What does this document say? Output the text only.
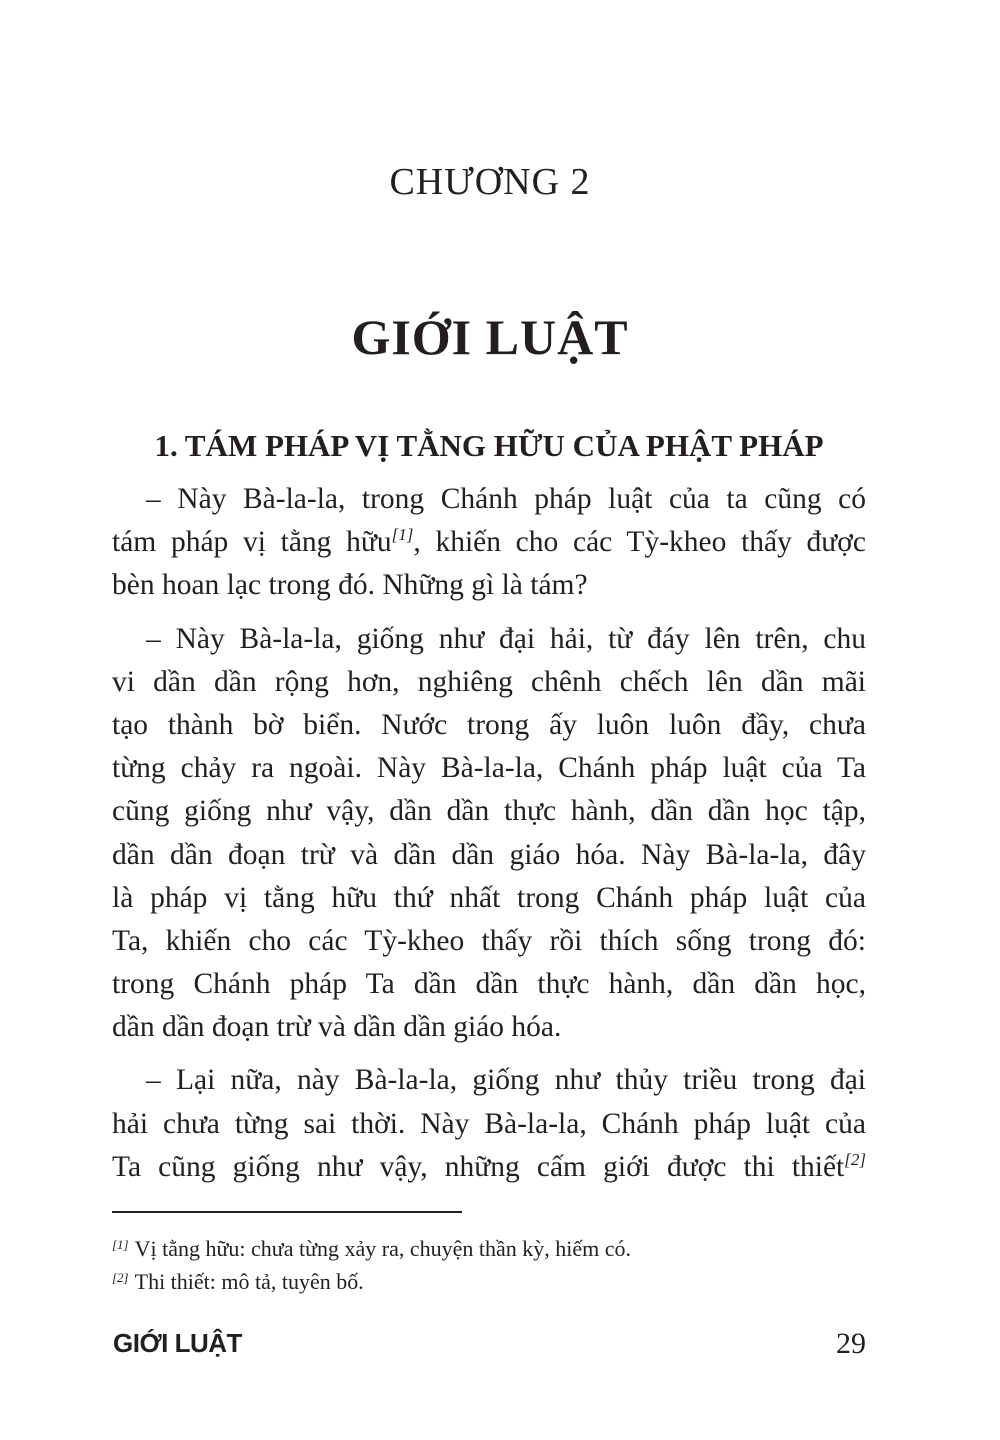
CHƯƠNG 2
GIỚI LUẬT
1. TÁM PHÁP VỊ TẰNG HỮU CỦA PHẬT PHÁP
– Này Bà-la-la, trong Chánh pháp luật của ta cũng có
tám pháp vị tằng hữu[1], khiến cho các Tỳ-kheo thấy được
bèn hoan lạc trong đó. Những gì là tám?
– Này Bà-la-la, giống như đại hải, từ đáy lên trên, chu
vi dần dần rộng hơn, nghiêng chênh chếch lên dần mãi
tạo thành bờ biển. Nước trong ấy luôn luôn đầy, chưa
từng chảy ra ngoài. Này Bà-la-la, Chánh pháp luật của Ta
cũng giống như vậy, dần dần thực hành, dần dần học tập,
dần dần đoạn trừ và dần dần giáo hóa. Này Bà-la-la, đây
là pháp vị tằng hữu thứ nhất trong Chánh pháp luật của
Ta, khiến cho các Tỳ-kheo thấy rồi thích sống trong đó:
trong Chánh pháp Ta dần dần thực hành, dần dần học,
dần dần đoạn trừ và dần dần giáo hóa.
– Lại nữa, này Bà-la-la, giống như thủy triều trong đại
hải chưa từng sai thời. Này Bà-la-la, Chánh pháp luật của
Ta cũng giống như vậy, những cấm giới được thi thiết[2]
[1] Vị tằng hữu: chưa từng xảy ra, chuyện thần kỳ, hiếm có.
[2] Thi thiết: mô tả, tuyên bố.
GIỚI LUẬT	29
